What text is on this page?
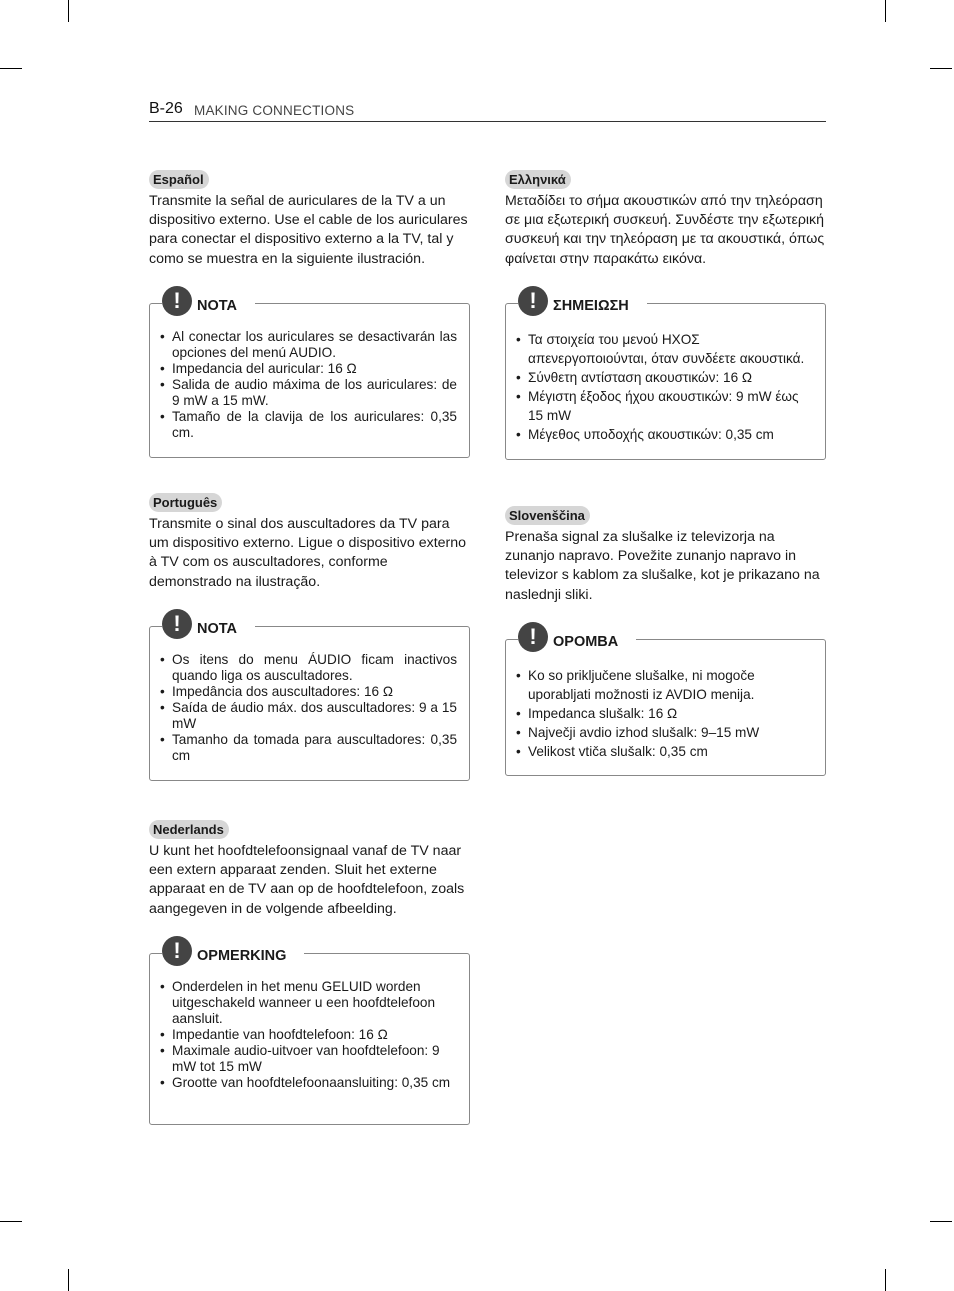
B-26 MAKING CONNECTIONS
Español

Transmite la señal de auriculares de la TV a un dispositivo externo. Use el cable de los auriculares para conectar el dispositivo externo a la TV, tal y como se muestra en la siguiente ilustración.

! NOTA
• Al conectar los auriculares se desactivarán las opciones del menú AUDIO.
• Impedancia del auricular: 16 Ω
• Salida de audio máxima de los auriculares: de 9 mW a 15 mW.
• Tamaño de la clavija de los auriculares: 0,35 cm.
Português

Transmite o sinal dos auscultadores da TV para um dispositivo externo. Ligue o dispositivo externo à TV com os auscultadores, conforme demonstrado na ilustração.

! NOTA
• Os itens do menu ÁUDIO ficam inactivos quando liga os auscultadores.
• Impedância dos auscultadores: 16 Ω
• Saída de áudio máx. dos auscultadores: 9 a 15 mW
• Tamanho da tomada para auscultadores: 0,35 cm
Nederlands

U kunt het hoofdtelefoonsignaal vanaf de TV naar een extern apparaat zenden. Sluit het externe apparaat en de TV aan op de hoofdtelefoon, zoals aangegeven in de volgende afbeelding.

! OPMERKING
• Onderdelen in het menu GELUID worden uitgeschakeld wanneer u een hoofdtelefoon aansluit.
• Impedantie van hoofdtelefoon: 16 Ω
• Maximale audio-uitvoer van hoofdtelefoon: 9 mW tot 15 mW
• Grootte van hoofdtelefoonaansluiting: 0,35 cm
Ελληνικά

Μεταδίδει το σήμα ακουστικών από την τηλεόραση σε μια εξωτερική συσκευή. Συνδέστε την εξωτερική συσκευή και την τηλεόραση με τα ακουστικά, όπως φαίνεται στην παρακάτω εικόνα.

! ΣΗΜΕΙΩΣΗ
• Τα στοιχεία του μενού ΗΧΟΣ απενεργοποιούνται, όταν συνδέετε ακουστικά.
• Σύνθετη αντίσταση ακουστικών: 16 Ω
• Μέγιστη έξοδος ήχου ακουστικών: 9 mW έως 15 mW
• Μέγεθος υποδοχής ακουστικών: 0,35 cm
Slovenščina

Prenaša signal za slušalke iz televizorja na zunanjo napravo. Povežite zunanjo napravo in televizor s kablom za slušalke, kot je prikazano na naslednji sliki.

! OPOMBA
• Ko so priključene slušalke, ni mogoče uporabljati možnosti iz AVDIO menija.
• Impedanca slušalk: 16 Ω
• Največji avdio izhod slušalk: 9–15 mW
• Velikost vtiča slušalk: 0,35 cm
